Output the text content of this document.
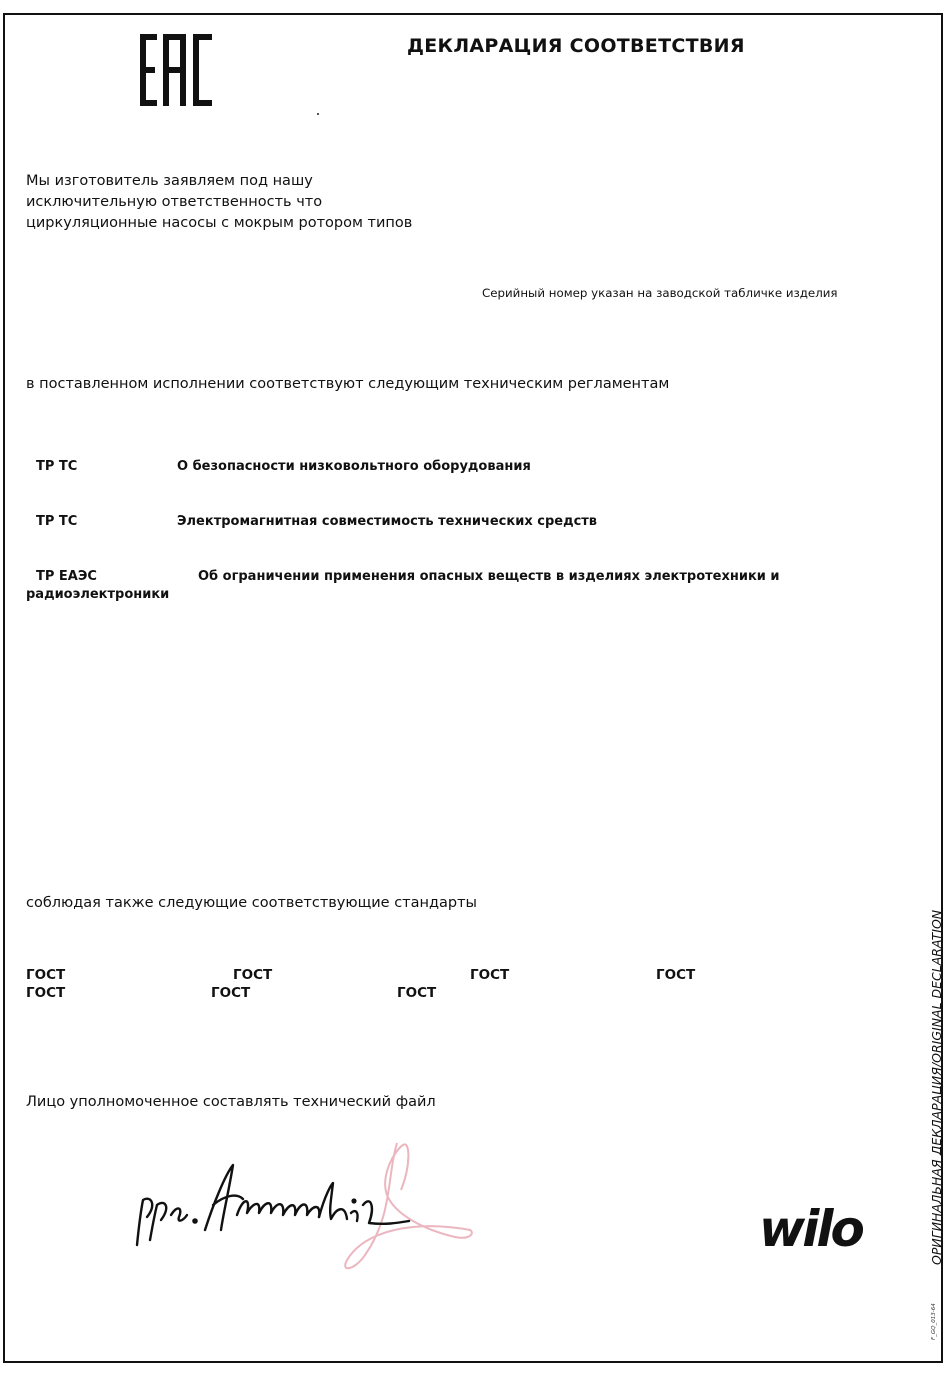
ДЕКЛАРАЦИЯ СООТВЕТСТВИЯ
Мы изготовитель заявляем под нашу
исключительную ответственность что
циркуляционные насосы с мокрым ротором типов
Серийный номер указан на заводской табличке изделия
в поставленном исполнении соответствуют следующим техническим регламентам
ТР ТС	О безопасности низковольтного оборудования
ТР ТС	Электромагнитная совместимость технических средств
ТР ЕАЭС	Об ограничении применения опасных веществ в изделиях электротехники и
радиоэлектроники
соблюдая также следующие соответствующие стандарты
ГОСТ	ГОСТ	ГОСТ	ГОСТ
ГОСТ	ГОСТ	ГОСТ
Лицо уполномоченное составлять технический файл
wilo	ОРИГИНАЛЬНАЯ ДЕКЛАРАЦИЯ/ORIGINAL DECLARATION
F_GQ_013-64
